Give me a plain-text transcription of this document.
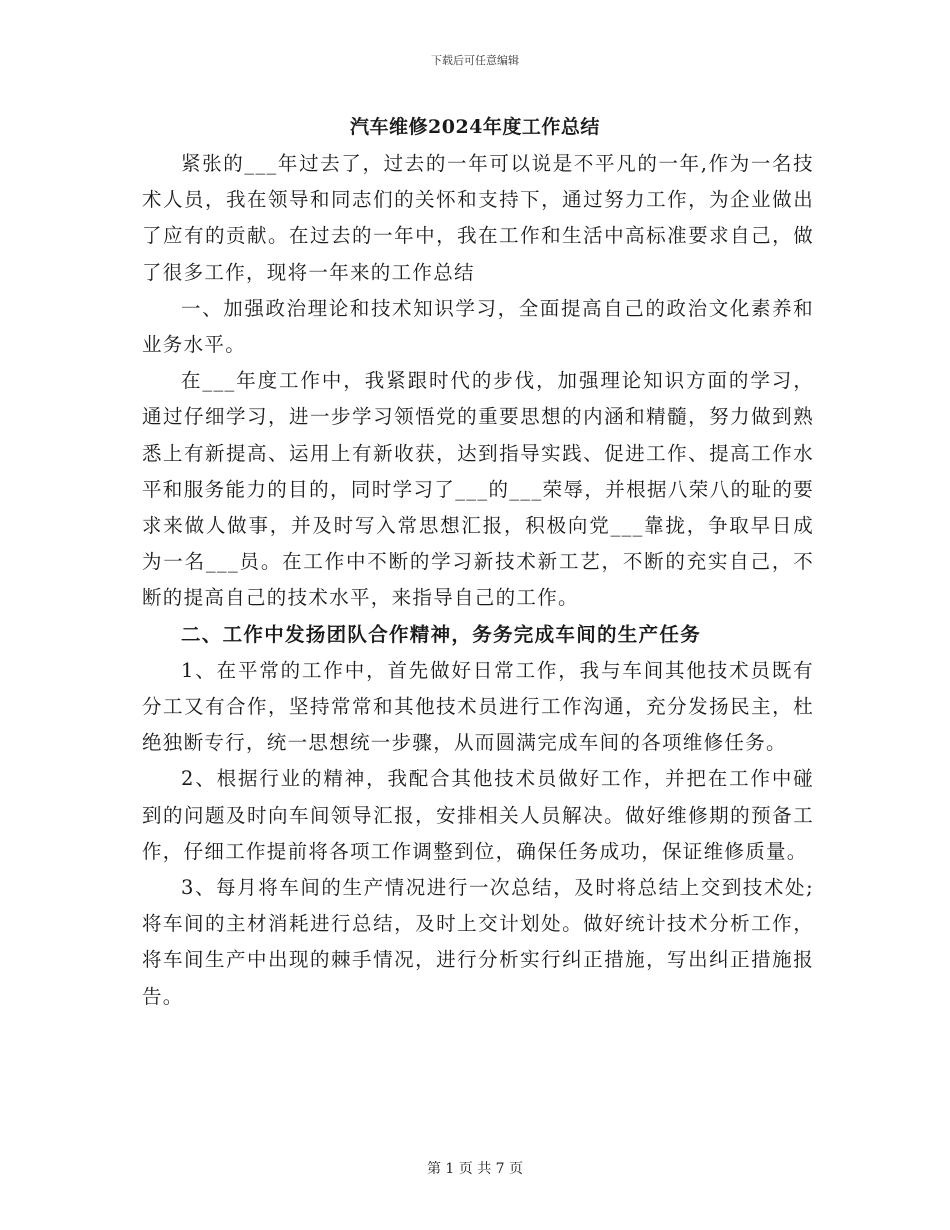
下载后可任意编辑
汽车维修2024年度工作总结

紧张的___年过去了，过去的一年可以说是不平凡的一年,作为一名技术人员，我在领导和同志们的关怀和支持下，通过努力工作，为企业做出了应有的贡献。在过去的一年中，我在工作和生活中高标准要求自己，做了很多工作，现将一年来的工作总结

一、加强政治理论和技术知识学习，全面提高自己的政治文化素养和业务水平。

在___年度工作中，我紧跟时代的步伐，加强理论知识方面的学习，通过仔细学习，进一步学习领悟党的重要思想的内涵和精髓，努力做到熟悉上有新提高、运用上有新收获，达到指导实践、促进工作、提高工作水平和服务能力的目的，同时学习了___的___荣辱，并根据八荣八的耻的要求来做人做事，并及时写入常思想汇报，积极向党___靠拢，争取早日成为一名___员。在工作中不断的学习新技术新工艺，不断的充实自己，不断的提高自己的技术水平，来指导自己的工作。

二、工作中发扬团队合作精神，务务完成车间的生产任务

1、在平常的工作中，首先做好日常工作，我与车间其他技术员既有分工又有合作，坚持常常和其他技术员进行工作沟通，充分发扬民主，杜绝独断专行，统一思想统一步骤，从而圆满完成车间的各项维修任务。

2、根据行业的精神，我配合其他技术员做好工作，并把在工作中碰到的问题及时向车间领导汇报，安排相关人员解决。做好维修期的预备工作，仔细工作提前将各项工作调整到位，确保任务成功，保证维修质量。

3、每月将车间的生产情况进行一次总结，及时将总结上交到技术处;将车间的主材消耗进行总结，及时上交计划处。做好统计技术分析工作，将车间生产中出现的棘手情况，进行分析实行纠正措施，写出纠正措施报告。

第 1 页 共 7 页
